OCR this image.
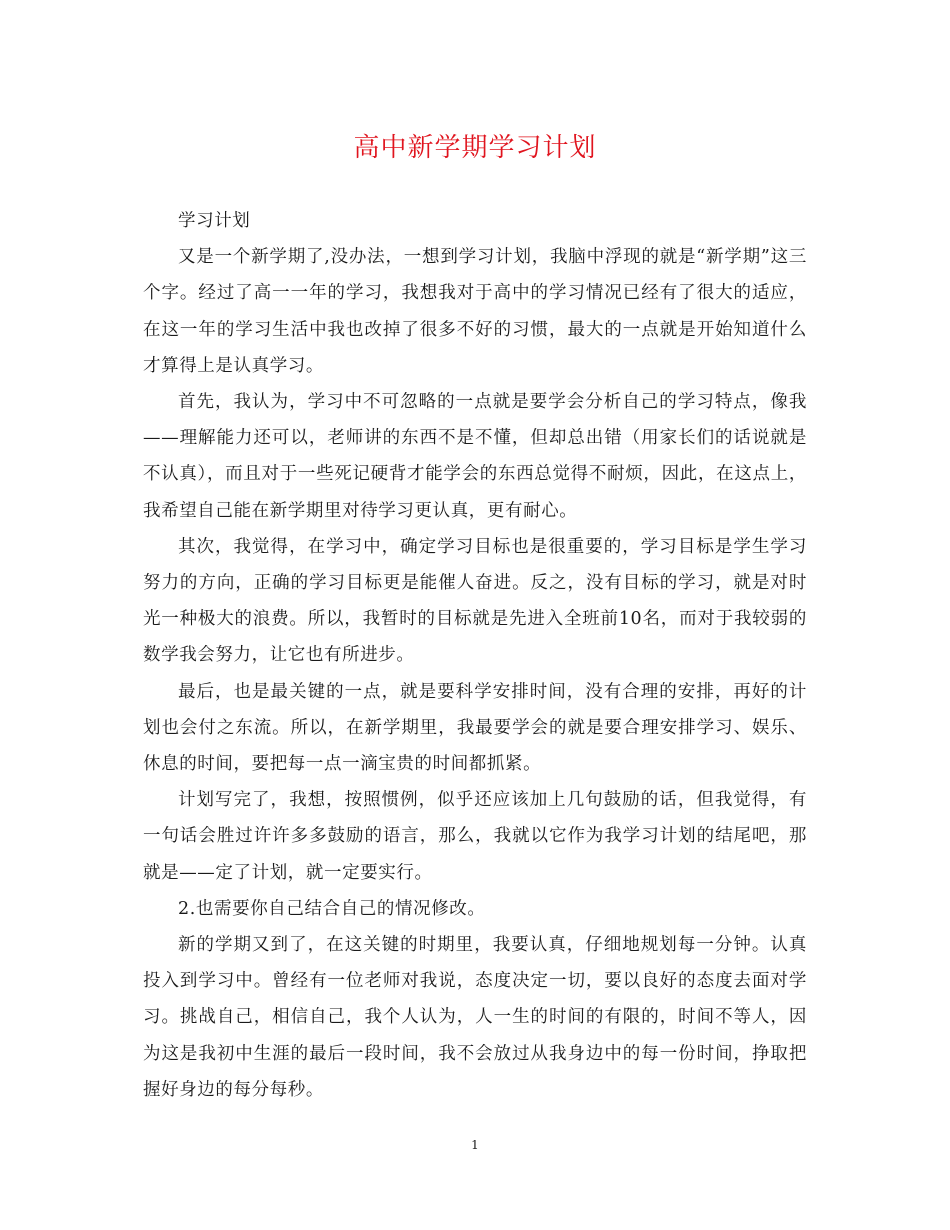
高中新学期学习计划

学习计划

又是一个新学期了,没办法，一想到学习计划，我脑中浮现的就是“新学期”这三个字。经过了高一一年的学习，我想我对于高中的学习情况已经有了很大的适应，在这一年的学习生活中我也改掉了很多不好的习惯，最大的一点就是开始知道什么才算得上是认真学习。

首先，我认为，学习中不可忽略的一点就是要学会分析自己的学习特点，像我——理解能力还可以，老师讲的东西不是不懂，但却总出错（用家长们的话说就是不认真），而且对于一些死记硬背才能学会的东西总觉得不耐烦，因此，在这点上，我希望自己能在新学期里对待学习更认真，更有耐心。

其次，我觉得，在学习中，确定学习目标也是很重要的，学习目标是学生学习努力的方向，正确的学习目标更是能催人奋进。反之，没有目标的学习，就是对时光一种极大的浪费。所以，我暂时的目标就是先进入全班前10名，而对于我较弱的数学我会努力，让它也有所进步。

最后，也是最关键的一点，就是要科学安排时间，没有合理的安排，再好的计划也会付之东流。所以，在新学期里，我最要学会的就是要合理安排学习、娱乐、休息的时间，要把每一点一滴宝贵的时间都抓紧。

计划写完了，我想，按照惯例，似乎还应该加上几句鼓励的话，但我觉得，有一句话会胜过许许多多鼓励的语言，那么，我就以它作为我学习计划的结尾吧，那就是——定了计划，就一定要实行。

2.也需要你自己结合自己的情况修改。

新的学期又到了，在这关键的时期里，我要认真，仔细地规划每一分钟。认真投入到学习中。曾经有一位老师对我说，态度决定一切，要以良好的态度去面对学习。挑战自己，相信自己，我个人认为，人一生的时间的有限的，时间不等人，因为这是我初中生涯的最后一段时间，我不会放过从我身边中的每一份时间，挣取把握好身边的每分每秒。

1
